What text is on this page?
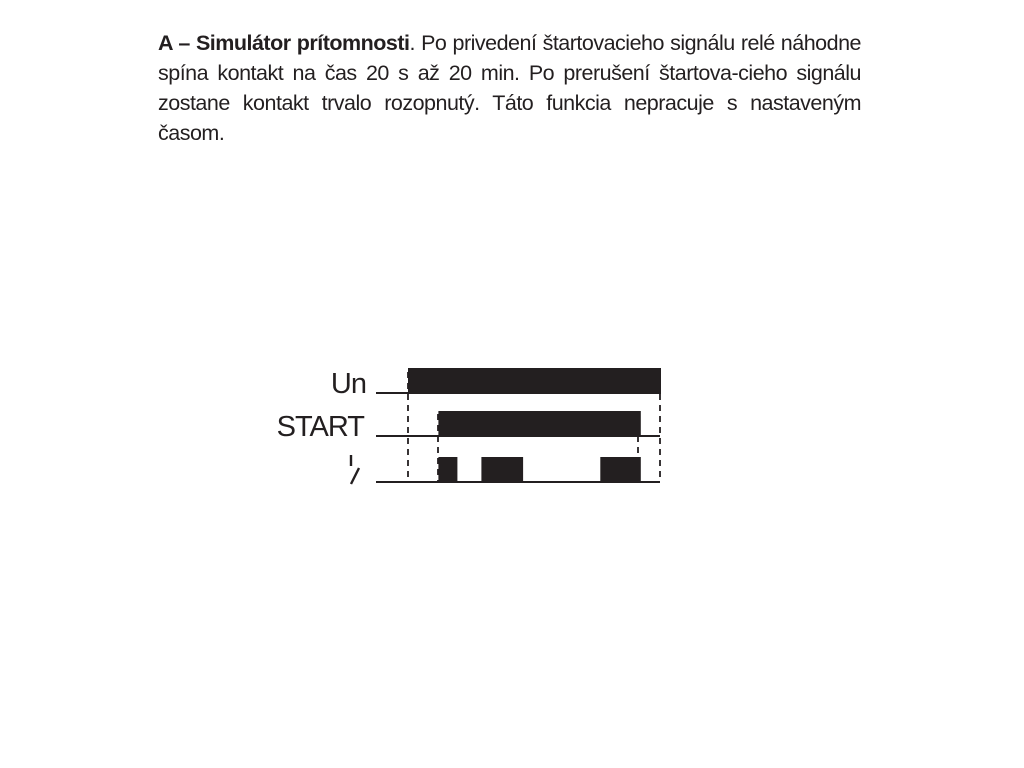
A – Simulátor prítomnosti. Po privedení štartovacieho signálu relé náhodne spína kontakt na čas 20 s až 20 min. Po prerušení štartova-cieho signálu zostane kontakt trvalo rozopnutý. Táto funkcia nepracuje s nastaveným časom.

Un
START
